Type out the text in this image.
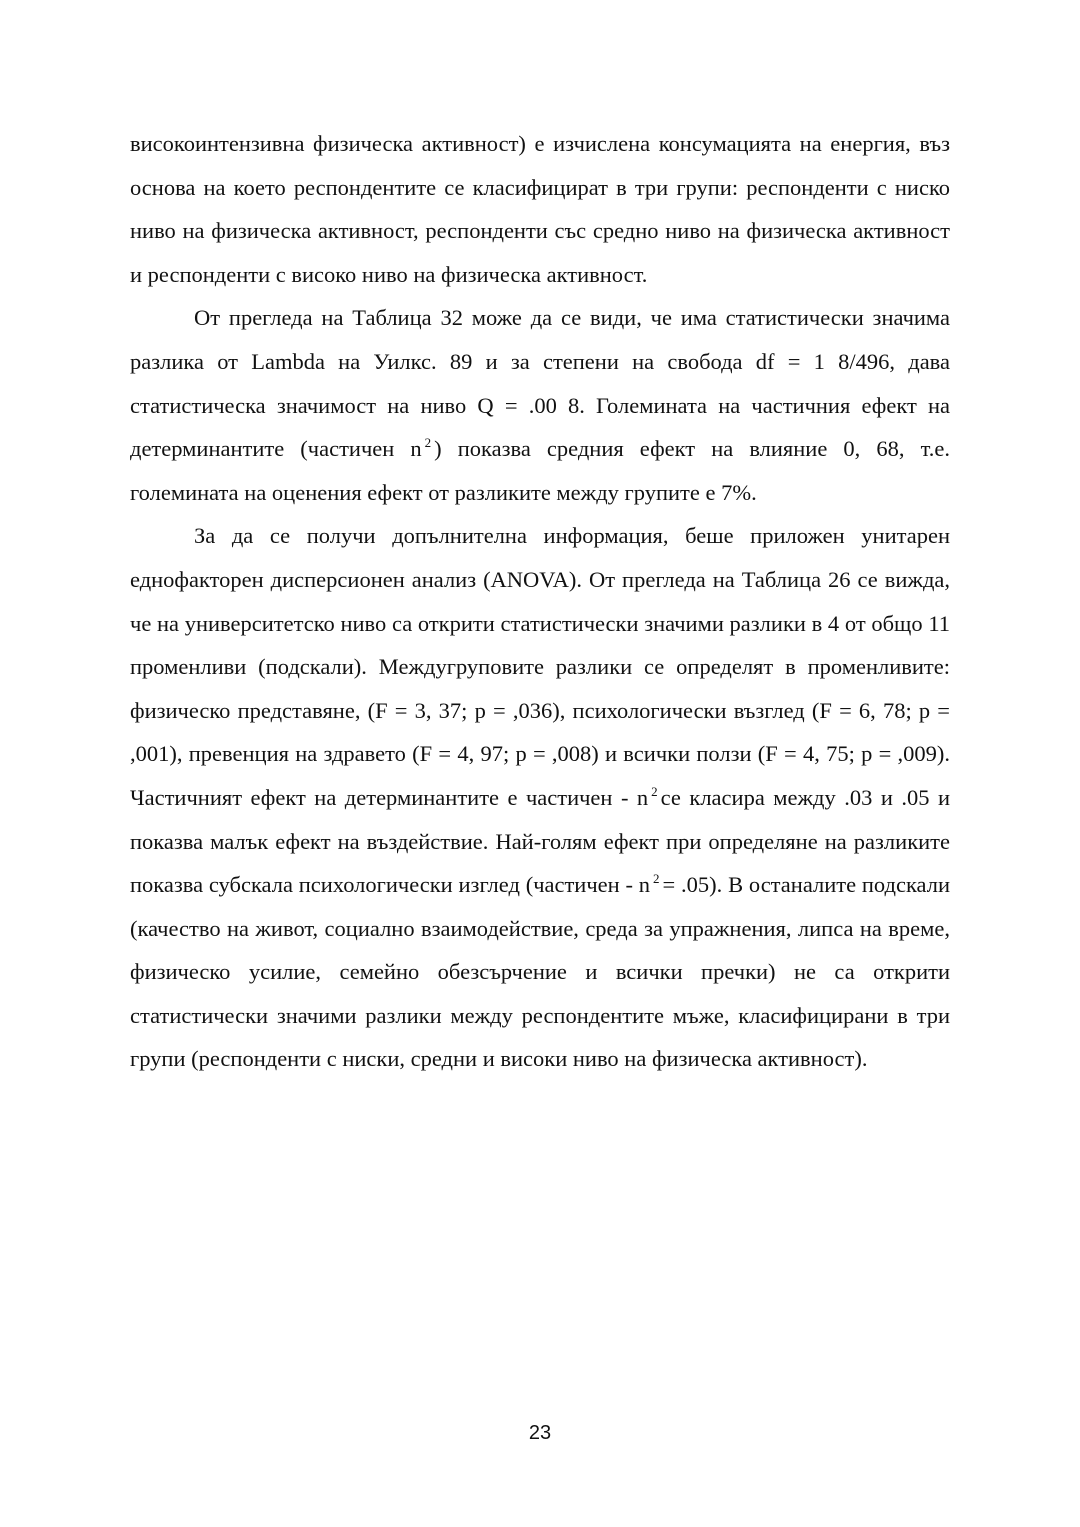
високоинтензивна физическа активност) е изчислена консумацията на енергия, въз основа на което респондентите се класифицират в три групи: респонденти с ниско ниво на физическа активност, респонденти със средно ниво на физическа активност и респонденти с високо ниво на физическа активност.

От прегледа на Таблица 32 може да се види, че има статистически значима разлика от Lambda на Уилкс. 89 и за степени на свобода df = 1 8/496, дава статистическа значимост на ниво Q = .00 8. Големината на частичния ефект на детерминантите (частичен n $^2$ ) показва средния ефект на влияние 0, 68, т.е. големината на оценения ефект от разликите между групите е 7%.

За да се получи допълнителна информация, беше приложен унитарен еднофакторен дисперсионен анализ (ANOVA). От прегледа на Таблица 26 се вижда, че на университетско ниво са открити статистически значими разлики в 4 от общо 11 променливи (подскали). Междугруповите разлики се определят в променливите: физическо представяне, (F = 3, 37; p = ,036), психологически възглед (F = 6, 78; p = ,001), превенция на здравето (F = 4, 97; p = ,008) и всички ползи (F = 4, 75; p = ,009). Частичният ефект на детерминантите е частичен - n $^2$ се класира между .03 и .05 и показва малък ефект на въздействие. Най-голям ефект при определяне на разликите показва субскала психологически изглед (частичен - n $^2$ = .05). В останалите подскали (качество на живот, социално взаимодействие, среда за упражнения, липса на време, физическо усилие, семейно обезсърчение и всички пречки) не са открити статистически значими разлики между респондентите мъже, класифицирани в три групи (респонденти с ниски, средни и високи ниво на физическа активност).

23
